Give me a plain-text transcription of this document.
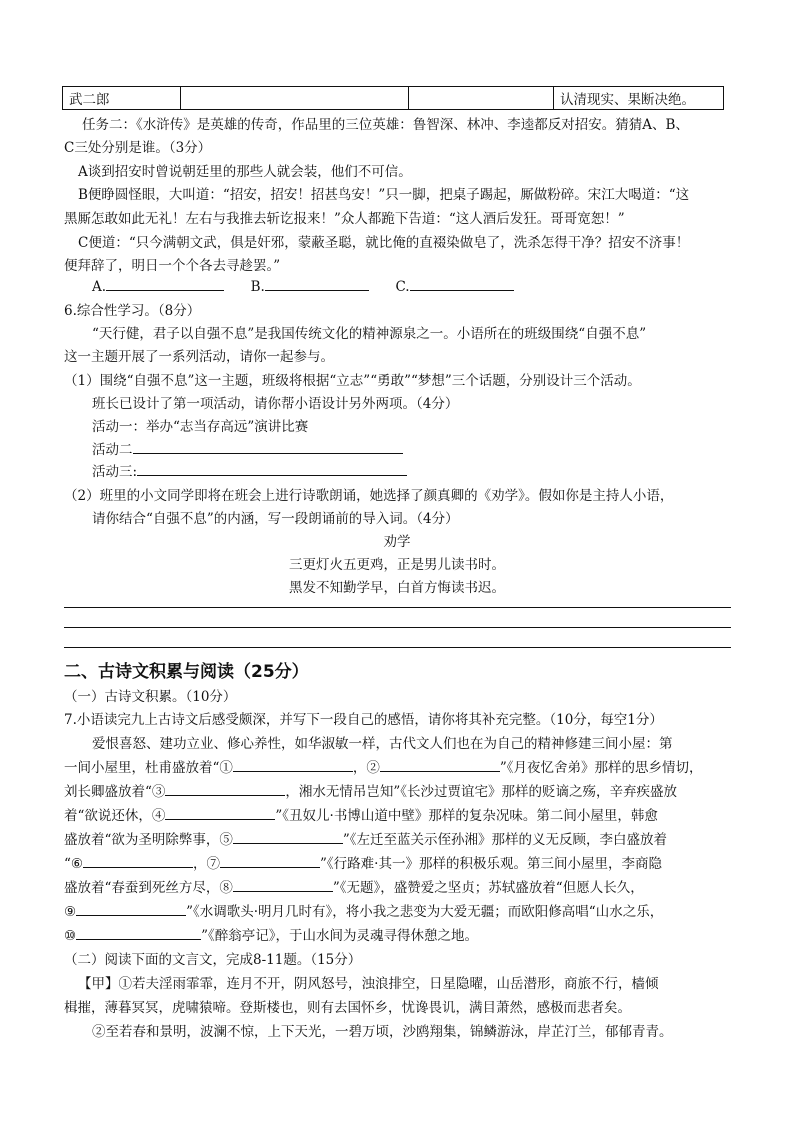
武二郎			认清现实、果断决绝。
任务二：《水浒传》是英雄的传奇，作品里的三位英雄：鲁智深、林冲、李逵都反对招安。猜猜A、B、
C三处分别是谁。（3分）
A谈到招安时曾说朝廷里的那些人就会装，他们不可信。
B便睁圆怪眼，大叫道：“招安，招安！招甚鸟安！”只一脚，把桌子踢起，厮做粉碎。宋江大喝道：“这
黑厮怎敢如此无礼！左右与我推去斩讫报来！”众人都跪下告道：“这人酒后发狂。哥哥宽恕！”
C便道：“只今满朝文武，俱是奸邪，蒙蔽圣聪，就比俺的直裰染做皂了，洗杀怎得干净？招安不济事！
便拜辞了，明日一个个各去寻趁罢。”
A.	B.	C.
6.综合性学习。（8分）
“天行健，君子以自强不息”是我国传统文化的精神源泉之一。小语所在的班级围绕“自强不息”
这一主题开展了一系列活动，请你一起参与。
（1）围绕“自强不息”这一主题，班级将根据“立志”“勇敢”“梦想”三个话题，分别设计三个活动。
班长已设计了第一项活动，请你帮小语设计另外两项。（4分）
活动一：举办“志当存高远”演讲比赛
活动二
活动三:
（2）班里的小文同学即将在班会上进行诗歌朗诵，她选择了颜真卿的《劝学》。假如你是主持人小语，
请你结合“自强不息”的内涵，写一段朗诵前的导入词。（4分）
劝学
三更灯火五更鸡，正是男儿读书时。
黑发不知勤学早，白首方悔读书迟。
二、古诗文积累与阅读（25分）
（一）古诗文积累。（10分）
7.小语读完九上古诗文后感受颇深，并写下一段自己的感悟，请你将其补充完整。（10分，每空1分）
爱恨喜怒、建功立业、修心养性，如华淑敏一样，古代文人们也在为自己的精神修建三间小屋：第
一间小屋里，杜甫盛放着“①	，②	”《月夜忆舍弟》那样的思乡情切，
刘长卿盛放着“③	，湘水无情吊岂知”《长沙过贾谊宅》那样的贬谪之殇，辛弃疾盛放
着“欲说还休，④	”《丑奴儿·书博山道中壁》那样的复杂况味。第二间小屋里，韩愈
盛放着“欲为圣明除弊事，⑤	”《左迁至蓝关示侄孙湘》那样的义无反顾，李白盛放着
“⑥	，⑦	”《行路难·其一》那样的积极乐观。第三间小屋里，李商隐
盛放着“春蚕到死丝方尽，⑧	”《无题》，盛赞爱之坚贞；苏轼盛放着“但愿人长久，
⑨	”《水调歌头·明月几时有》，将小我之悲变为大爱无疆；而欧阳修高唱“山水之乐，
⑩	”《醉翁亭记》，于山水间为灵魂寻得休憩之地。
（二）阅读下面的文言文，完成8-11题。（15分）
【甲】①若夫淫雨霏霏，连月不开，阴风怒号，浊浪排空，日星隐曜，山岳潜形，商旅不行，樯倾
楫摧，薄暮冥冥，虎啸猿啼。登斯楼也，则有去国怀乡，忧谗畏讥，满目萧然，感极而悲者矣。
②至若春和景明，波澜不惊，上下天光，一碧万顷，沙鸥翔集，锦鳞游泳，岸芷汀兰，郁郁青青。
